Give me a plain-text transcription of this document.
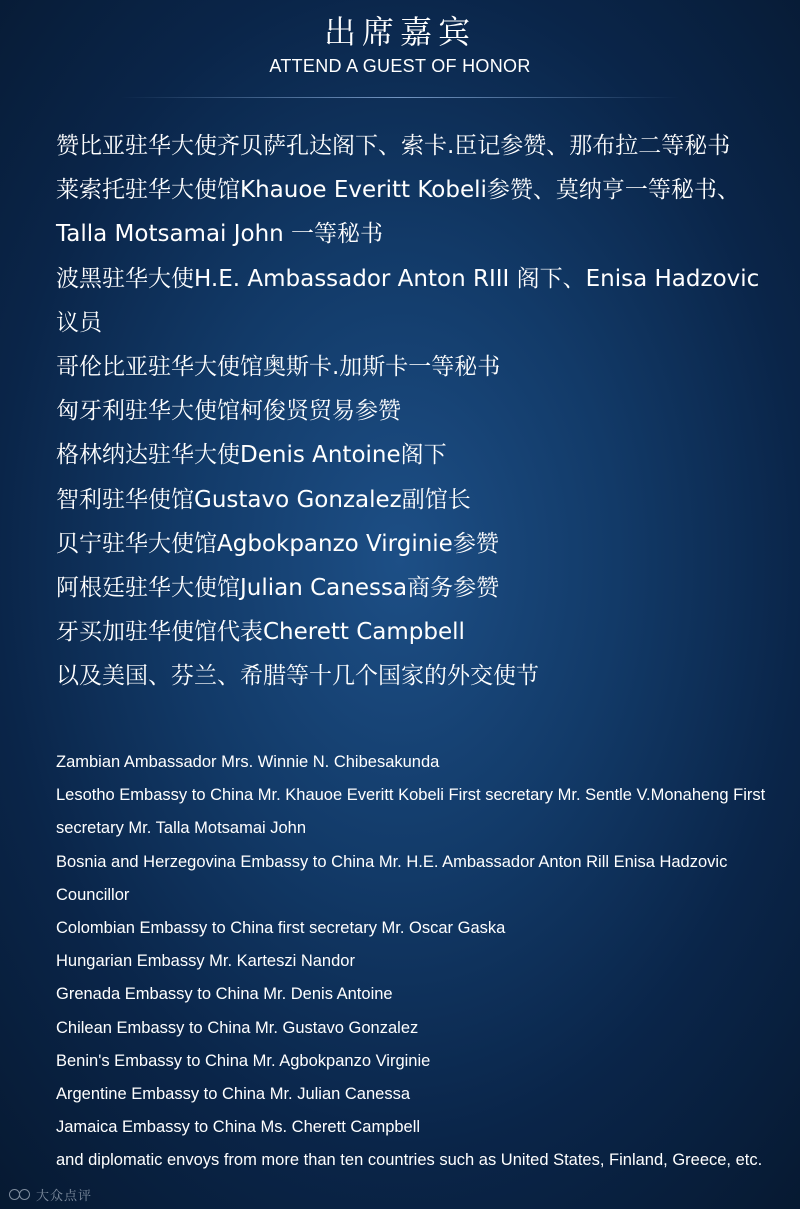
出席嘉宾
ATTEND A GUEST OF HONOR
赞比亚驻华大使齐贝萨孔达阁下、索卡.臣记参赞、那布拉二等秘书
莱索托驻华大使馆Khauoe Everitt Kobeli参赞、莫纳亨一等秘书、Talla Motsamai John 一等秘书
波黑驻华大使H.E. Ambassador Anton RIII 阁下、Enisa Hadzovic 议员
哥伦比亚驻华大使馆奥斯卡.加斯卡一等秘书
匈牙利驻华大使馆柯俊贤贸易参赞
格林纳达驻华大使Denis Antoine阁下
智利驻华使馆Gustavo Gonzalez副馆长
贝宁驻华大使馆Agbokpanzo Virginie参赞
阿根廷驻华大使馆Julian Canessa商务参赞
牙买加驻华使馆代表Cherett Campbell
以及美国、芬兰、希腊等十几个国家的外交使节
Zambian Ambassador Mrs. Winnie N. Chibesakunda
Lesotho Embassy to China Mr. Khauoe Everitt Kobeli First secretary Mr. Sentle V.Monaheng First secretary Mr. Talla Motsamai John
Bosnia and Herzegovina Embassy to China Mr. H.E. Ambassador Anton Rill Enisa Hadzovic Councillor
Colombian Embassy to China first secretary Mr. Oscar Gaska
Hungarian Embassy Mr. Karteszi Nandor
Grenada Embassy to China Mr. Denis Antoine
Chilean Embassy to China Mr. Gustavo Gonzalez
Benin's Embassy to China Mr. Agbokpanzo Virginie
Argentine Embassy to China Mr. Julian Canessa
Jamaica Embassy to China Ms. Cherett Campbell
and diplomatic envoys from more than ten countries such as United States, Finland, Greece, etc.
大众点评
